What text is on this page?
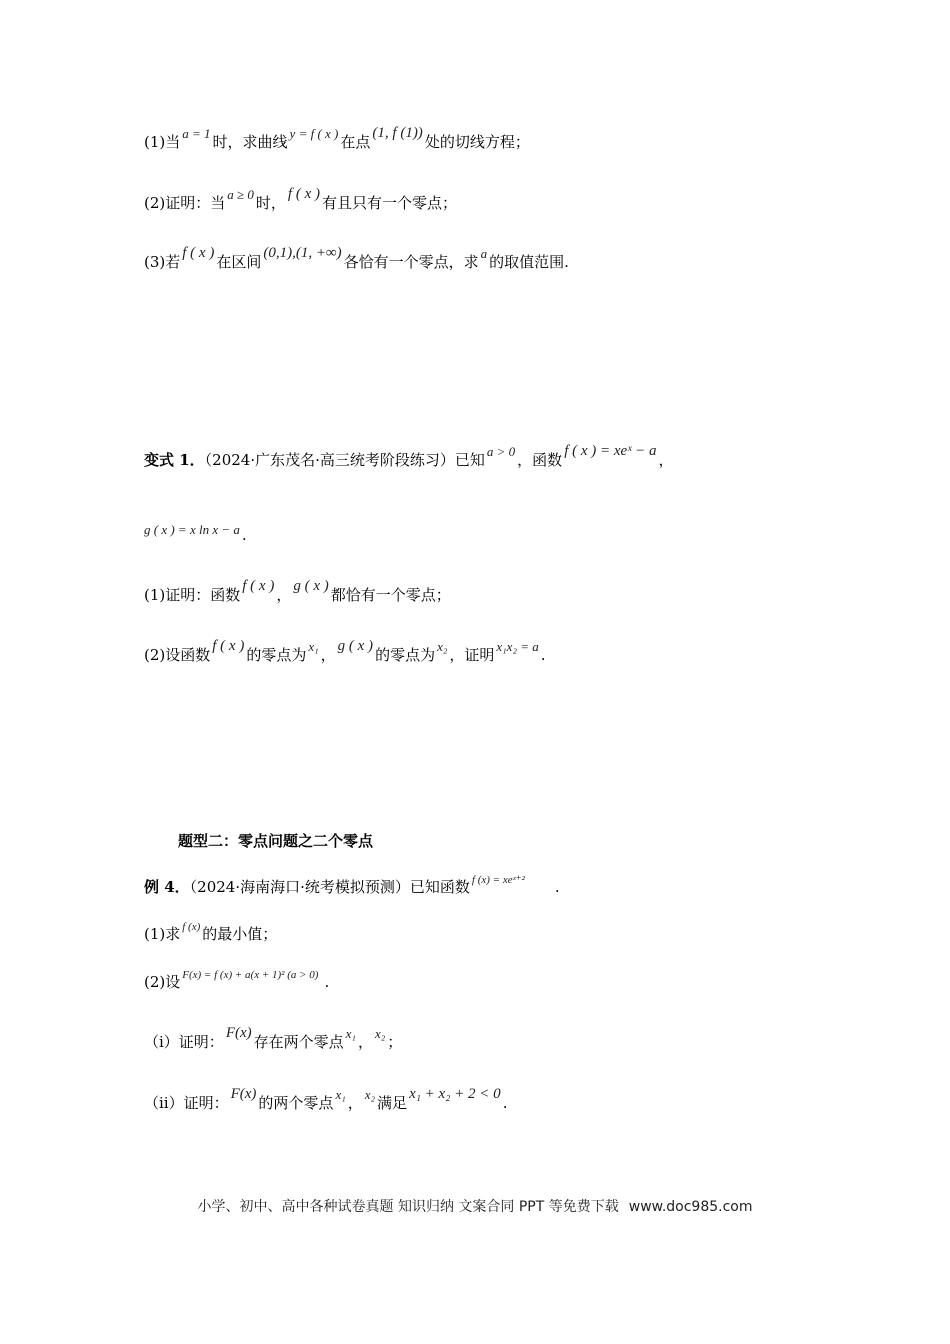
(1)当 a = 1 时，求曲线 y = f ( x ) 在点 (1, f (1)) 处的切线方程；
(2)证明：当 a ≥ 0 时， f ( x ) 有且只有一个零点；
(3)若 f ( x ) 在区间 (0,1),(1, +∞) 各恰有一个零点，求 a 的取值范围.
变式 1．（2024·广东茂名·高三统考阶段练习）已知 a > 0 ，函数 f ( x ) = xeˣ − a ，
g ( x ) = x ln x − a .
(1)证明：函数 f ( x ) ， g ( x ) 都恰有一个零点；
(2)设函数 f ( x ) 的零点为 x₁ ， g ( x ) 的零点为 x₂ ，证明 x₁x₂ = a .
题型二：零点问题之二个零点
例 4．（2024·海南海口·统考模拟预测）已知函数 f (x) = xeˣ⁺² .
(1)求 f (x) 的最小值；
(2)设 F(x) = f (x) + a(x + 1)² (a > 0) .
（ⅰ）证明： F(x) 存在两个零点 x₁ ， x₂ ；
（ⅱ）证明： F(x) 的两个零点 x₁ ， x₂ 满足 x₁ + x₂ + 2 < 0 .
小学、初中、高中各种试卷真题 知识归纳 文案合同 PPT 等免费下载 www.doc985.com
